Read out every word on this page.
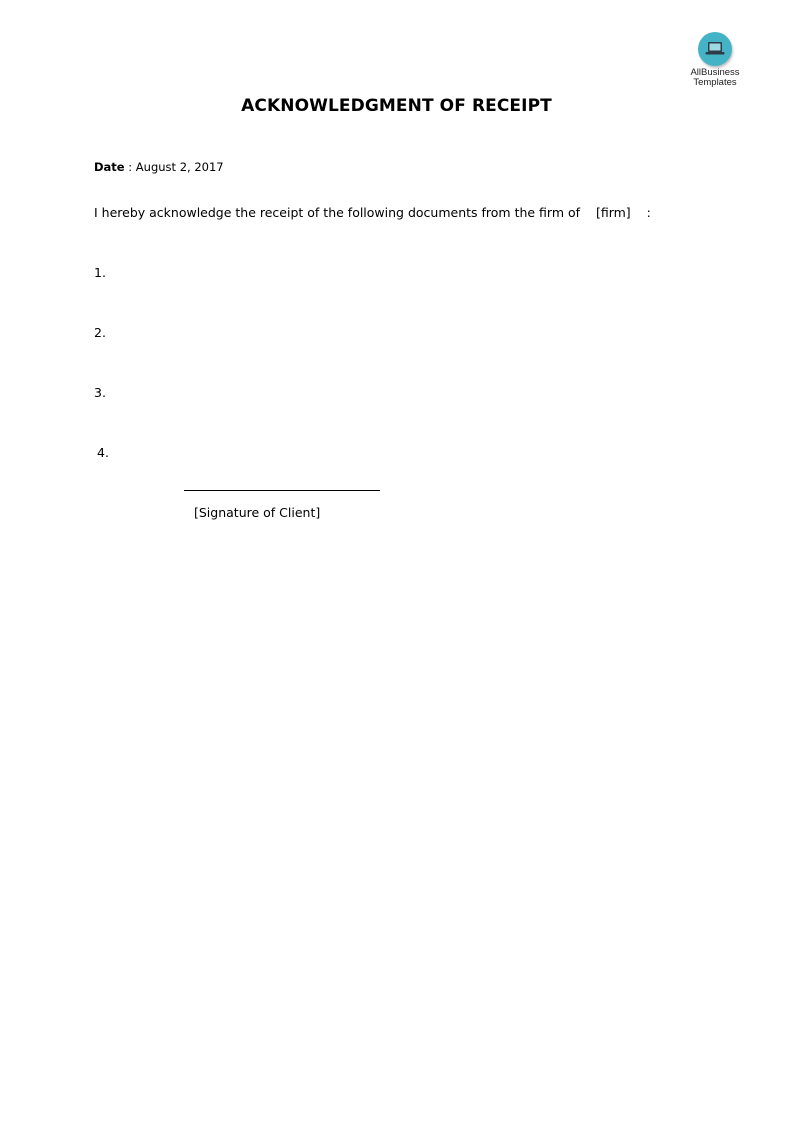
AllBusiness
Templates
ACKNOWLEDGMENT OF RECEIPT
Date : August 2, 2017
I hereby acknowledge the receipt of the following documents from the firm of    [firm]    :
1.
2.
3.
4.
[Signature of Client]
